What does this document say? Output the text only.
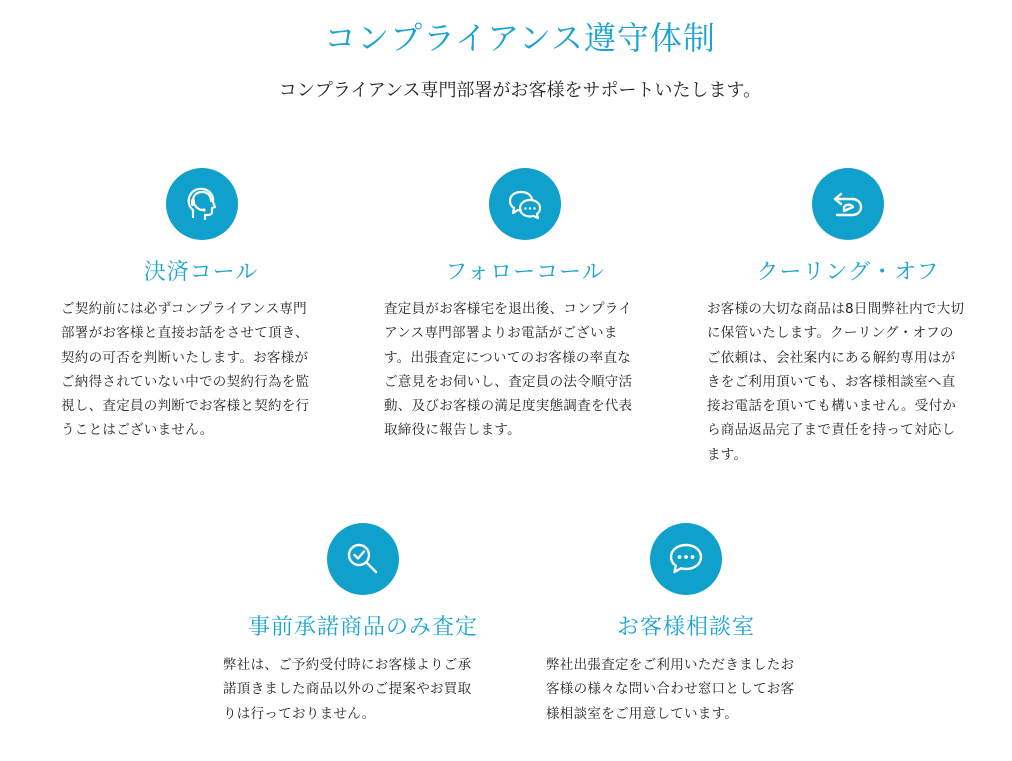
コンプライアンス遵守体制

コンプライアンス専門部署がお客様をサポートいたします。

決済コール

ご契約前には必ずコンプライアンス専門
部署がお客様と直接お話をさせて頂き、
契約の可否を判断いたします。お客様が
ご納得されていない中での契約行為を監
視し、査定員の判断でお客様と契約を行
うことはございません。

フォローコール

査定員がお客様宅を退出後、コンプライ
アンス専門部署よりお電話がございま
す。出張査定についてのお客様の率直な
ご意見をお伺いし、査定員の法令順守活
動、及びお客様の満足度実態調査を代表
取締役に報告します。

クーリング・オフ

お客様の大切な商品は8日間弊社内で大切
に保管いたします。クーリング・オフの
ご依頼は、会社案内にある解約専用はが
きをご利用頂いても、お客様相談室へ直
接お電話を頂いても構いません。受付か
ら商品返品完了まで責任を持って対応し
ます。

事前承諾商品のみ査定

弊社は、ご予約受付時にお客様よりご承
諾頂きました商品以外のご提案やお買取
りは行っておりません。

お客様相談室

弊社出張査定をご利用いただきましたお
客様の様々な問い合わせ窓口としてお客
様相談室をご用意しています。
